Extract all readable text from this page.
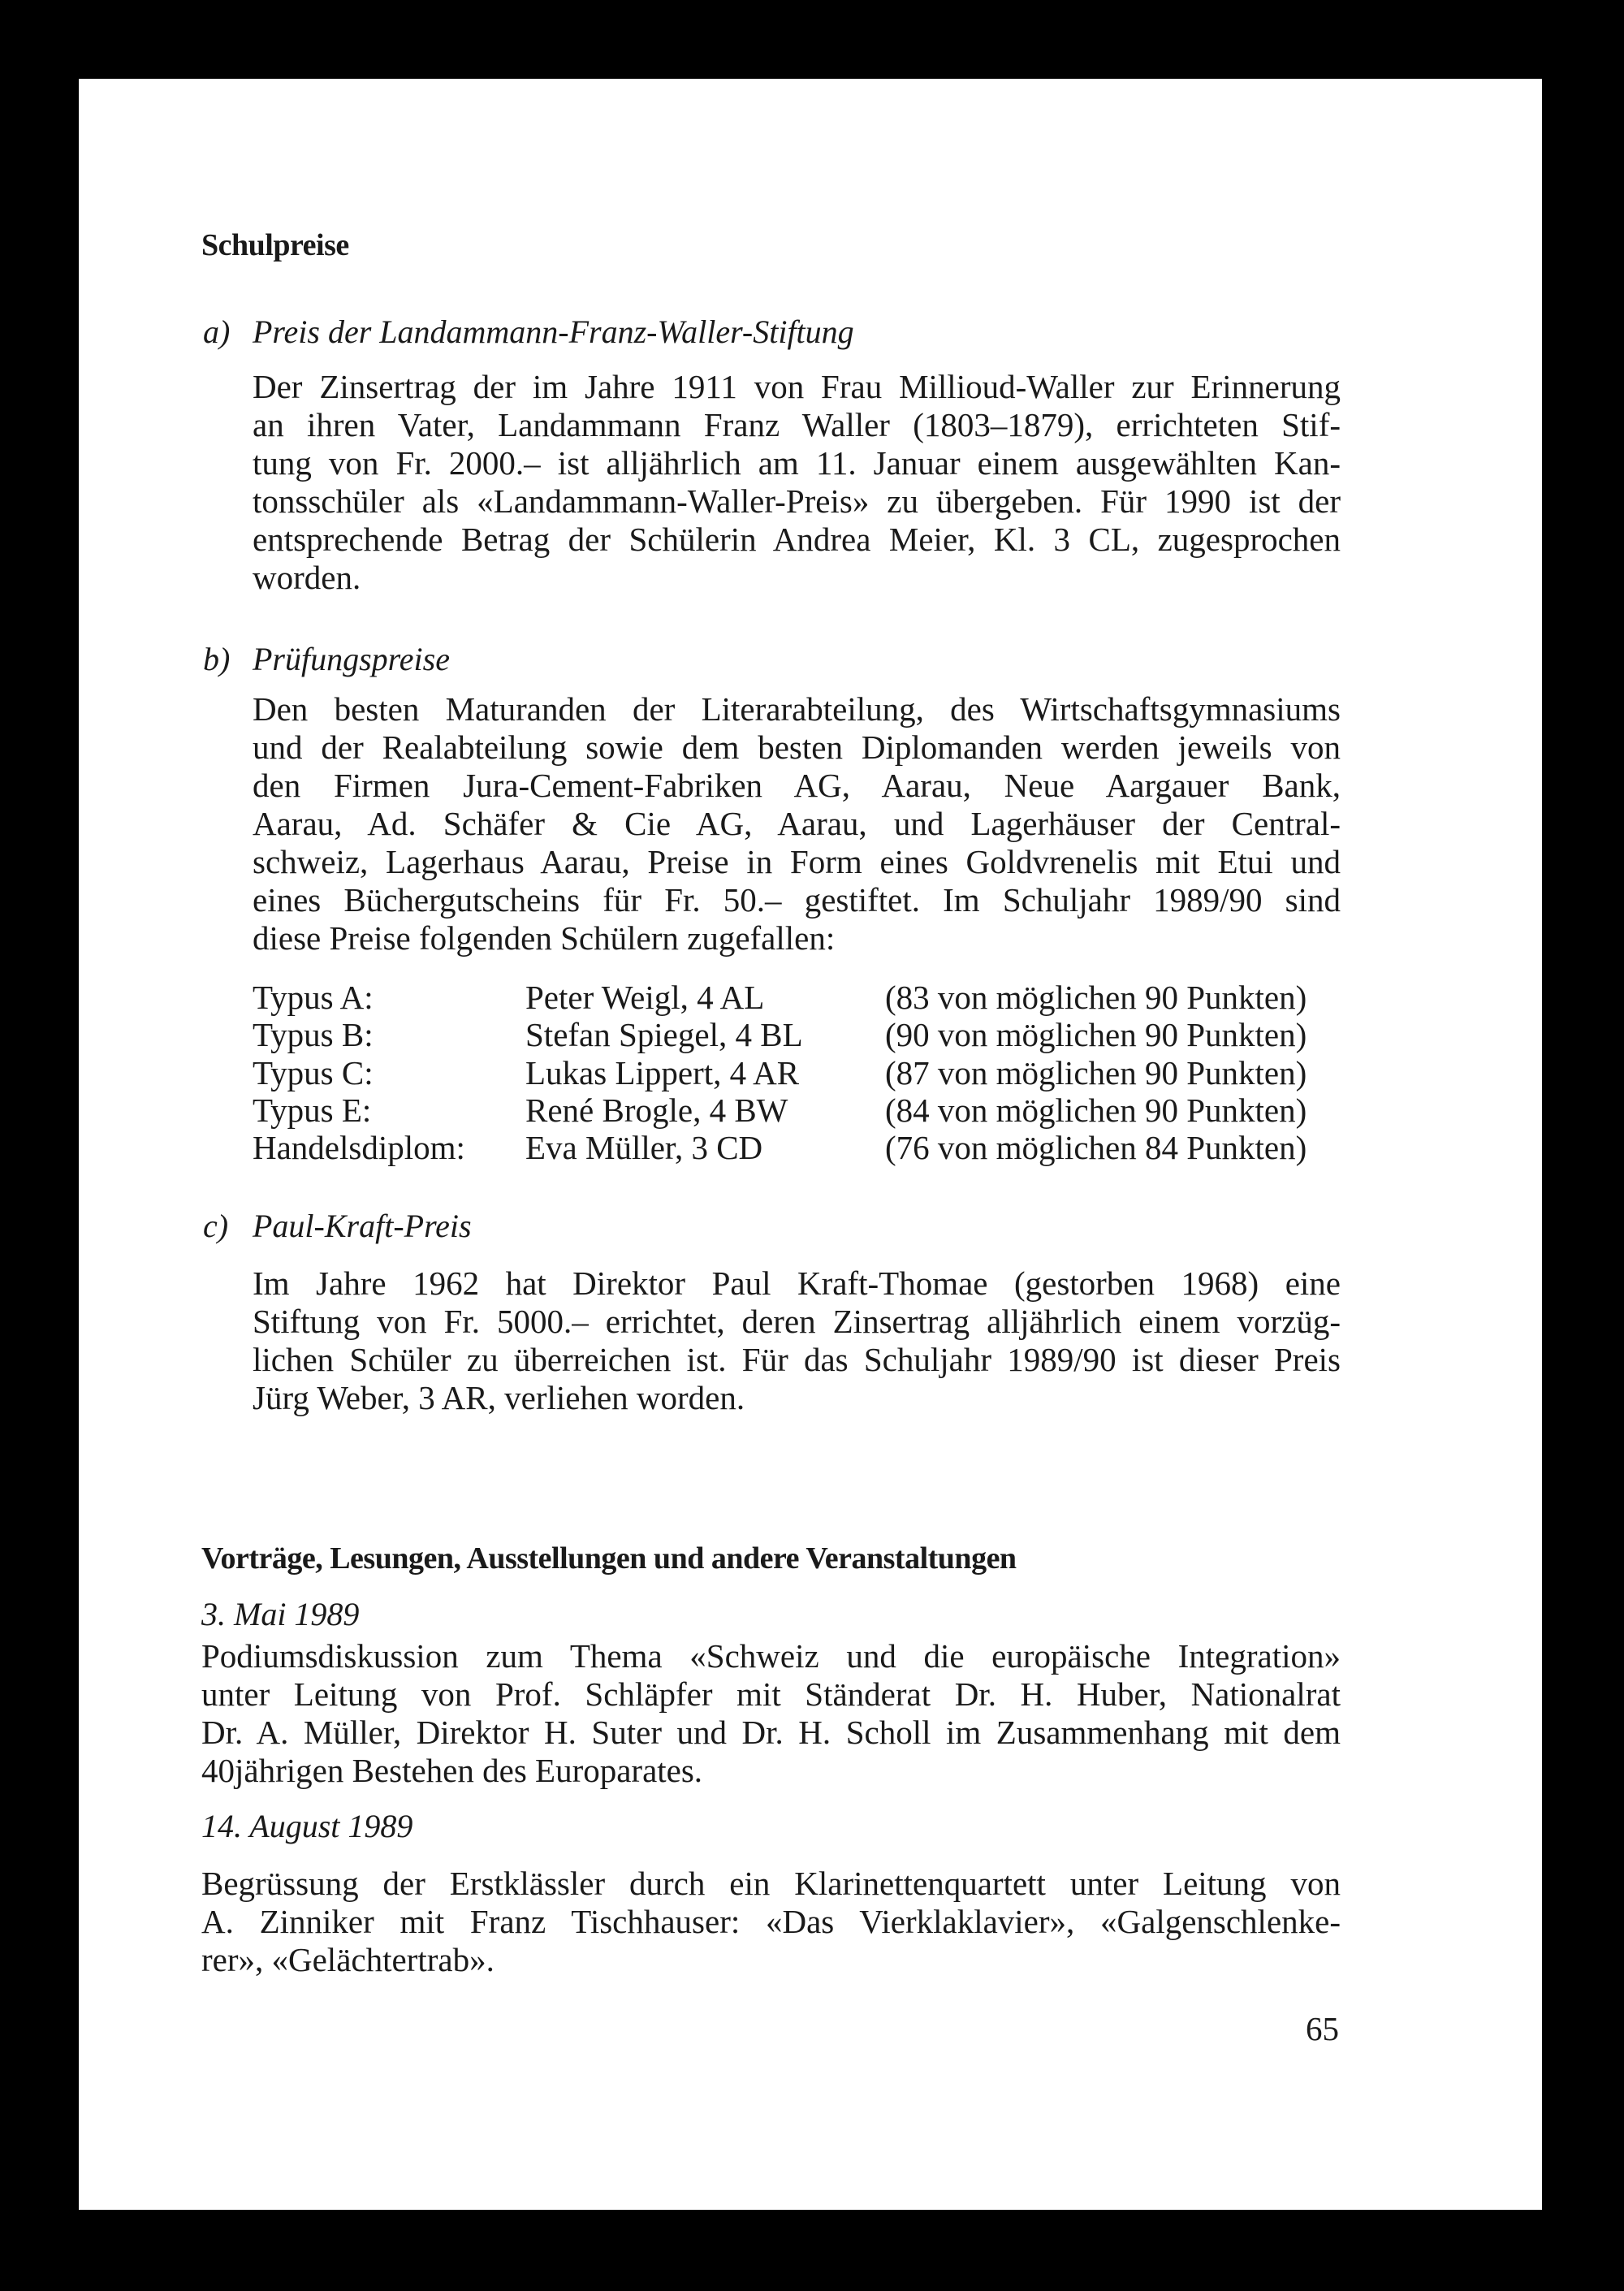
Schulpreise
a) Preis der Landammann-Franz-Waller-Stiftung
Der Zinsertrag der im Jahre 1911 von Frau Millioud-Waller zur Erinnerung
an ihren Vater, Landammann Franz Waller (1803–1879), errichteten Stif-
tung von Fr. 2000.– ist alljährlich am 11. Januar einem ausgewählten Kan-
tonsschüler als «Landammann-Waller-Preis» zu übergeben. Für 1990 ist der
entsprechende Betrag der Schülerin Andrea Meier, Kl. 3 CL, zugesprochen
worden.
b) Prüfungspreise
Den besten Maturanden der Literarabteilung, des Wirtschaftsgymnasiums
und der Realabteilung sowie dem besten Diplomanden werden jeweils von
den Firmen Jura-Cement-Fabriken AG, Aarau, Neue Aargauer Bank,
Aarau, Ad. Schäfer & Cie AG, Aarau, und Lagerhäuser der Central-
schweiz, Lagerhaus Aarau, Preise in Form eines Goldvrenelis mit Etui und
eines Büchergutscheins für Fr. 50.– gestiftet. Im Schuljahr 1989/90 sind
diese Preise folgenden Schülern zugefallen:
Typus A:	Peter Weigl, 4 AL	(83 von möglichen 90 Punkten)
Typus B:	Stefan Spiegel, 4 BL (90 von möglichen 90 Punkten)
Typus C:	Lukas Lippert, 4 AR	(87 von möglichen 90 Punkten)
Typus E:	René Brogle, 4 BW	(84 von möglichen 90 Punkten)
Handelsdiplom: Eva Müller, 3 CD	(76 von möglichen 84 Punkten)
c) Paul-Kraft-Preis
Im Jahre 1962 hat Direktor Paul Kraft-Thomae (gestorben 1968) eine
Stiftung von Fr. 5000.– errichtet, deren Zinsertrag alljährlich einem vorzüg-
lichen Schüler zu überreichen ist. Für das Schuljahr 1989/90 ist dieser Preis
Jürg Weber, 3 AR, verliehen worden.
Vorträge, Lesungen, Ausstellungen und andere Veranstaltungen
3. Mai 1989
Podiumsdiskussion zum Thema «Schweiz und die europäische Integration»
unter Leitung von Prof. Schläpfer mit Ständerat Dr. H. Huber, Nationalrat
Dr. A. Müller, Direktor H. Suter und Dr. H. Scholl im Zusammenhang mit dem
40jährigen Bestehen des Europarates.
14. August 1989
Begrüssung der Erstklässler durch ein Klarinettenquartett unter Leitung von
A. Zinniker mit Franz Tischhauser: «Das Vierklaklavier», «Galgenschlenke-
rer», «Gelächtertrab».
65
